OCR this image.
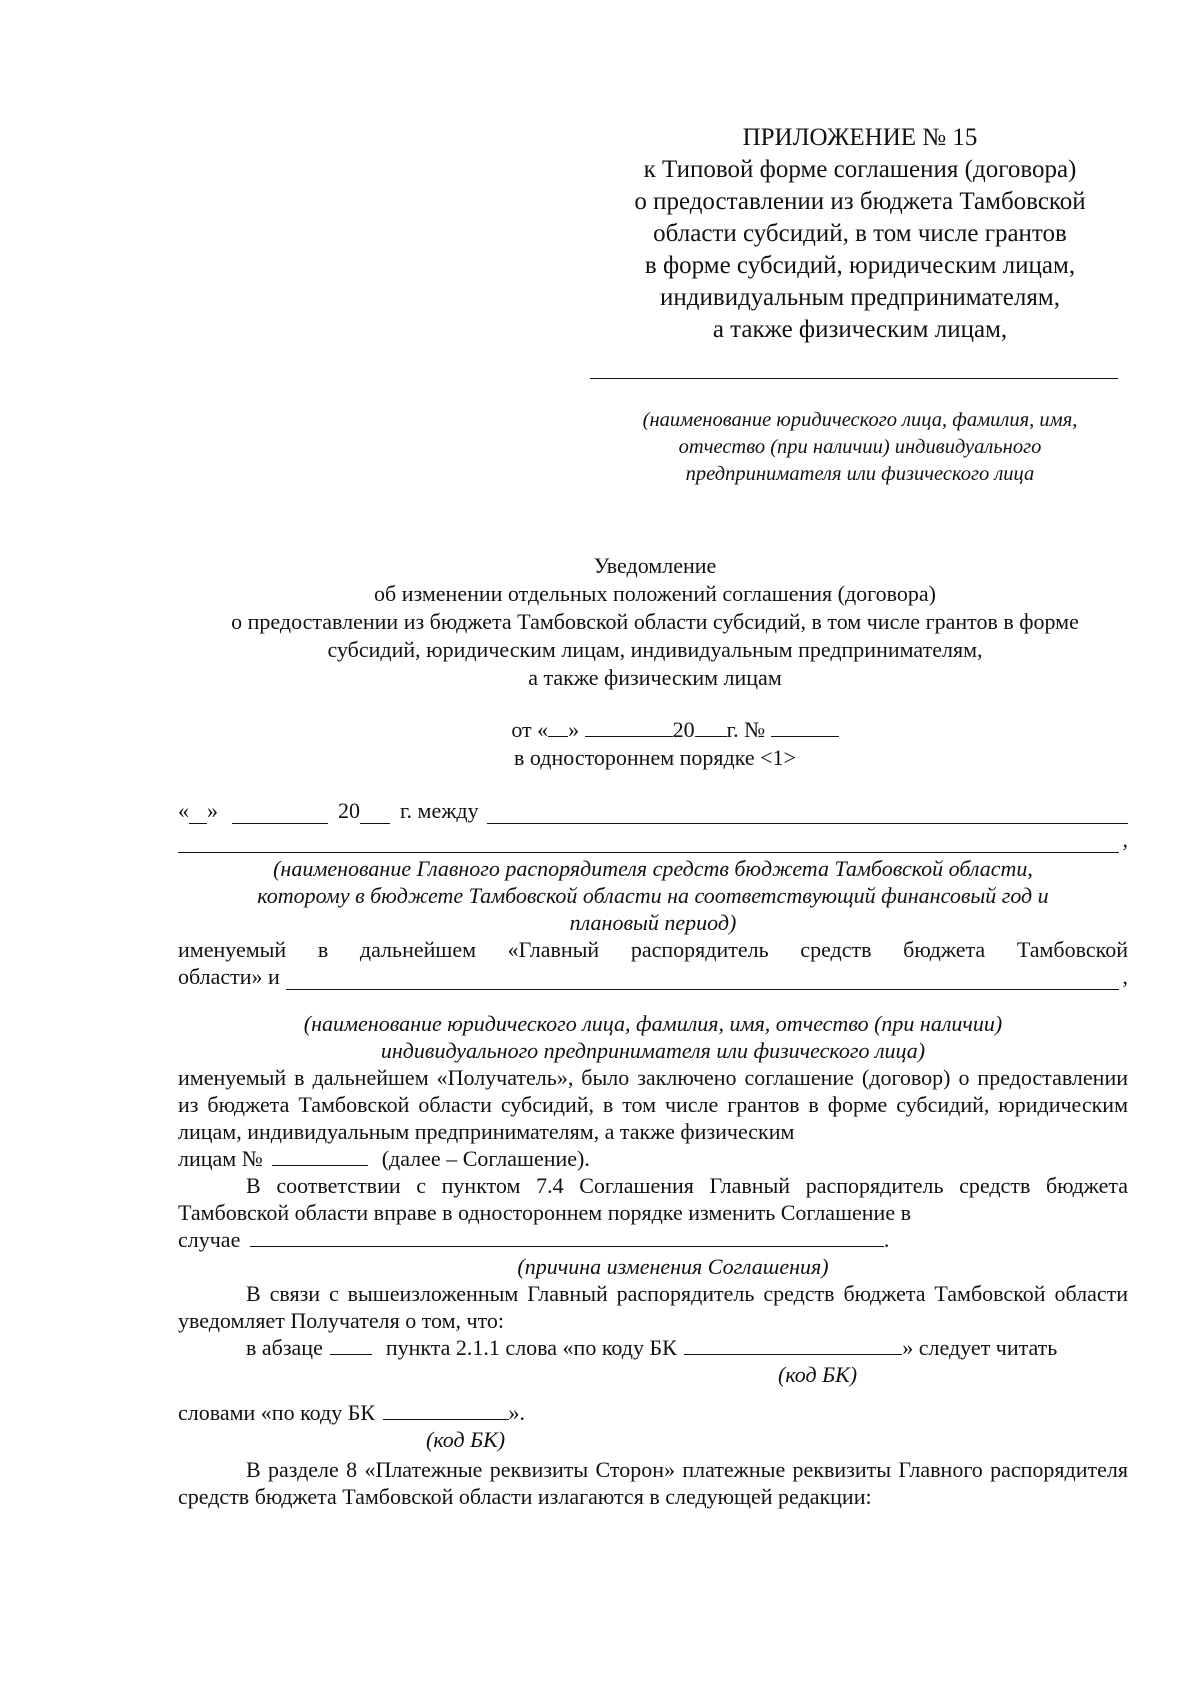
ПРИЛОЖЕНИЕ № 15
к Типовой форме соглашения (договора)
о предоставлении из бюджета Тамбовской
области субсидий, в том числе грантов
в форме субсидий, юридическим лицам,
индивидуальным предпринимателям,
а также физическим лицам,
(наименование юридического лица, фамилия, имя,
отчество (при наличии) индивидуального
предпринимателя или физического лица
Уведомление
об изменении отдельных положений соглашения (договора)
о предоставлении из бюджета Тамбовской области субсидий, в том числе грантов в форме
субсидий, юридическим лицам, индивидуальным предпринимателям,
а также физическим лицам
от « »	20 г. №
в одностороннем порядке <1>
« »	20 г. между
,
(наименование Главного распорядителя средств бюджета Тамбовской области,
которому в бюджете Тамбовской области на соответствующий финансовый год и
плановый период)
именуемый в дальнейшем «Главный распорядитель средств бюджета Тамбовской
области» и	,
(наименование юридического лица, фамилия, имя, отчество (при наличии)
индивидуального предпринимателя или физического лица)
именуемый в дальнейшем «Получатель», было заключено соглашение (договор) о предоставлении из бюджета Тамбовской области субсидий, в том числе грантов в форме субсидий, юридическим лицам, индивидуальным предпринимателям, а также физическим
лицам №	(далее – Соглашение).
В соответствии с пунктом 7.4 Соглашения Главный распорядитель средств бюджета Тамбовской области вправе в одностороннем порядке изменить Соглашение в
случае	.
(причина изменения Соглашения)
В связи с вышеизложенным Главный распорядитель средств бюджета Тамбовской области уведомляет Получателя о том, что:
в абзаце	пункта 2.1.1 слова «по коду БК	» следует читать
(код БК)
словами «по коду БК	».
(код БК)
В разделе 8 «Платежные реквизиты Сторон» платежные реквизиты Главного распорядителя средств бюджета Тамбовской области излагаются в следующей редакции:
